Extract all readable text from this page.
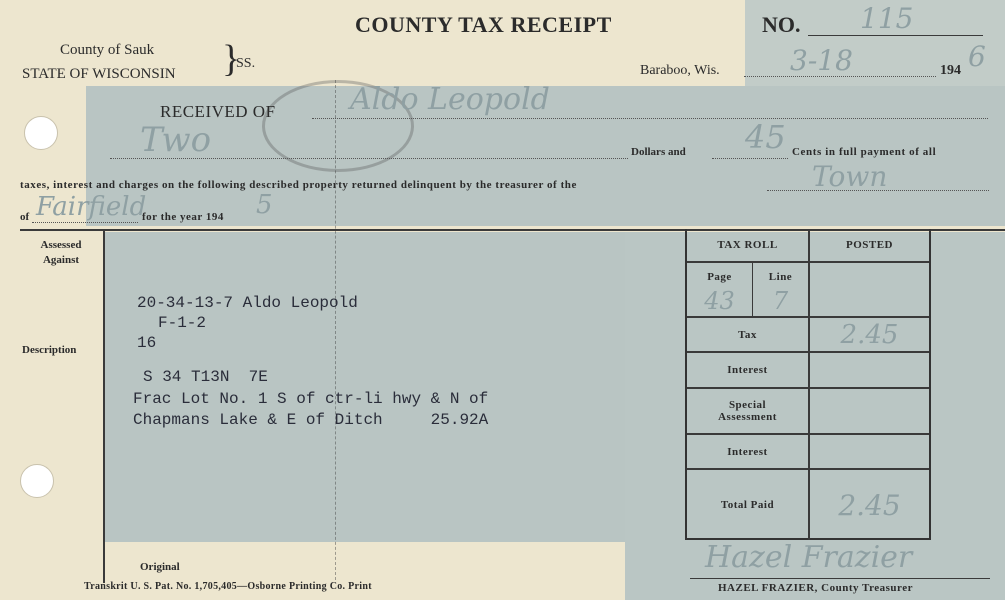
COUNTY TAX RECEIPT	NO. 115
County of Sauk
STATE OF WISCONSIN }
SS.	Baraboo, Wis.	3-18	194 6
RECEIVED OF Aldo Leopold
Two	Dollars and 45 Cents in full payment of all
taxes, interest and charges on the following described property returned delinquent by the treasurer of the	Town
of Fairfield
for the year 194 5
Assessed
Against
Description
Original
20-34-13-7 Aldo Leopold
F-1-2
16
S 34 T13N  7E
Frac Lot No. 1 S of ctr-li hwy & N of
Chapmans Lake & E of Ditch     25.92A
TAX ROLL	POSTED
Page	Line
43	7
Tax	2.45
Interest
Special
Assessment
Interest
Total Paid	2.45
Transkrit U. S. Pat. No. 1,705,405—Osborne Printing Co. Print
Hazel Frazier
HAZEL FRAZIER, County Treasurer
